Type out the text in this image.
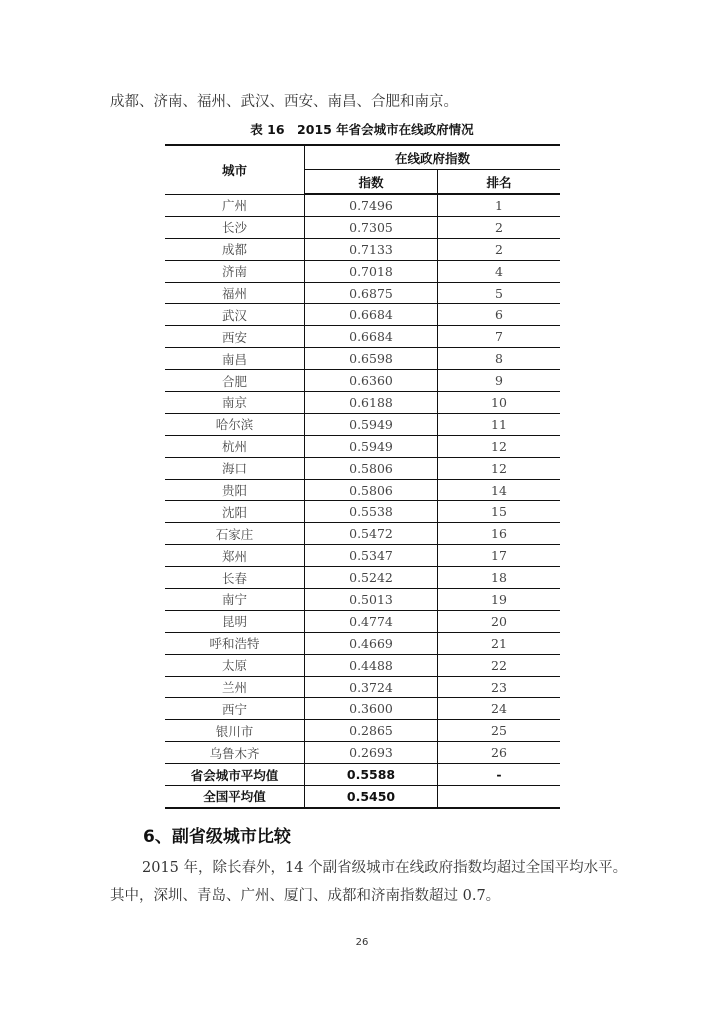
成都、济南、福州、武汉、西安、南昌、合肥和南京。
表 16　2015 年省会城市在线政府情况
城市	在线政府指数	
	指数	排名
广州	0.7496	1
长沙	0.7305	2
成都	0.7133	2
济南	0.7018	4
福州	0.6875	5
武汉	0.6684	6
西安	0.6684	7
南昌	0.6598	8
合肥	0.6360	9
南京	0.6188	10
哈尔滨	0.5949	11
杭州	0.5949	12
海口	0.5806	12
贵阳	0.5806	14
沈阳	0.5538	15
石家庄	0.5472	16
郑州	0.5347	17
长春	0.5242	18
南宁	0.5013	19
昆明	0.4774	20
呼和浩特	0.4669	21
太原	0.4488	22
兰州	0.3724	23
西宁	0.3600	24
银川市	0.2865	25
乌鲁木齐	0.2693	26
省会城市平均值	0.5588	-
全国平均值	0.5450	
6、副省级城市比较
2015 年，除长春外，14 个副省级城市在线政府指数均超过全国平均水平。
其中，深圳、青岛、广州、厦门、成都和济南指数超过 0.7。
26
